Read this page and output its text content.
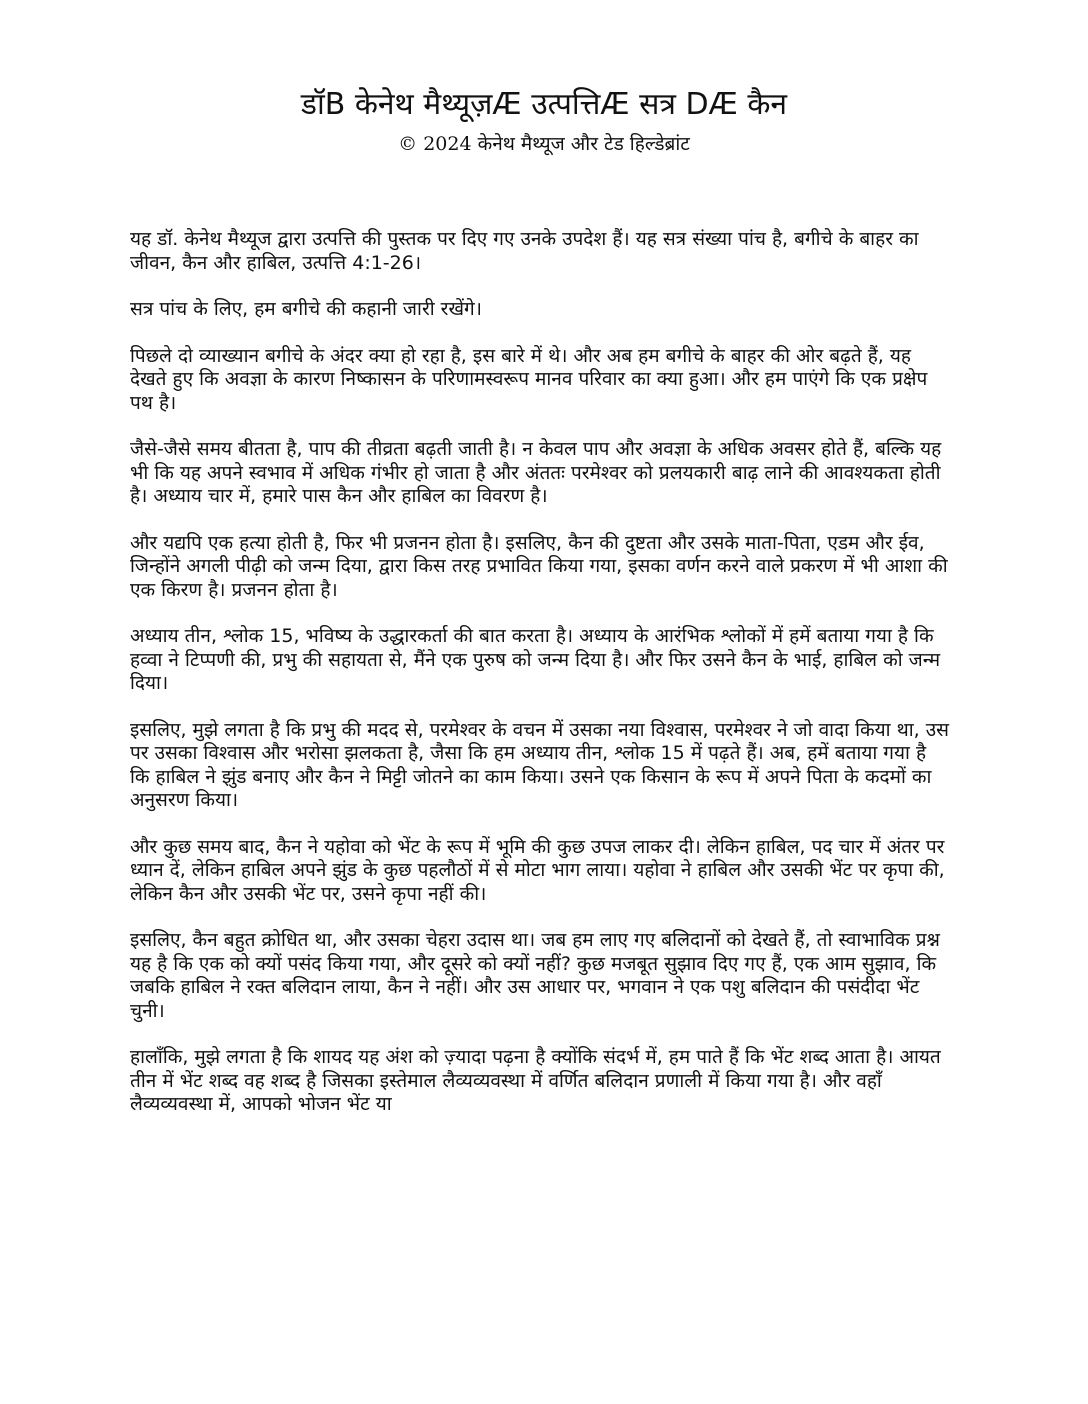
डॉB केनेथ मैथ्यूज़Æ उत्पत्तिÆ सत्र DÆ कैन
© 2024 केनेथ मैथ्यूज और टेड हिल्डेब्रांट

यह डॉ. केनेथ मैथ्यूज द्वारा उत्पत्ति की पुस्तक पर दिए गए उनके उपदेश हैं। यह सत्र संख्या पांच है, बगीचे के बाहर का जीवन, कैन और हाबिल, उत्पत्ति 4:1-26।

सत्र पांच के लिए, हम बगीचे की कहानी जारी रखेंगे।

पिछले दो व्याख्यान बगीचे के अंदर क्या हो रहा है, इस बारे में थे। और अब हम बगीचे के बाहर की ओर बढ़ते हैं, यह देखते हुए कि अवज्ञा के कारण निष्कासन के परिणामस्वरूप मानव परिवार का क्या हुआ। और हम पाएंगे कि एक प्रक्षेप पथ है।

जैसे-जैसे समय बीतता है, पाप की तीव्रता बढ़ती जाती है। न केवल पाप और अवज्ञा के अधिक अवसर होते हैं, बल्कि यह भी कि यह अपने स्वभाव में अधिक गंभीर हो जाता है और अंततः परमेश्वर को प्रलयकारी बाढ़ लाने की आवश्यकता होती है। अध्याय चार में, हमारे पास कैन और हाबिल का विवरण है।

और यद्यपि एक हत्या होती है, फिर भी प्रजनन होता है। इसलिए, कैन की दुष्टता और उसके माता-पिता, एडम और ईव, जिन्होंने अगली पीढ़ी को जन्म दिया, द्वारा किस तरह प्रभावित किया गया, इसका वर्णन करने वाले प्रकरण में भी आशा की एक किरण है। प्रजनन होता है।

अध्याय तीन, श्लोक 15, भविष्य के उद्धारकर्ता की बात करता है। अध्याय के आरंभिक श्लोकों में हमें बताया गया है कि हव्वा ने टिप्पणी की, प्रभु की सहायता से, मैंने एक पुरुष को जन्म दिया है। और फिर उसने कैन के भाई, हाबिल को जन्म दिया।

इसलिए, मुझे लगता है कि प्रभु की मदद से, परमेश्वर के वचन में उसका नया विश्वास, परमेश्वर ने जो वादा किया था, उस पर उसका विश्वास और भरोसा झलकता है, जैसा कि हम अध्याय तीन, श्लोक 15 में पढ़ते हैं। अब, हमें बताया गया है कि हाबिल ने झुंड बनाए और कैन ने मिट्टी जोतने का काम किया। उसने एक किसान के रूप में अपने पिता के कदमों का अनुसरण किया।

और कुछ समय बाद, कैन ने यहोवा को भेंट के रूप में भूमि की कुछ उपज लाकर दी। लेकिन हाबिल, पद चार में अंतर पर ध्यान दें, लेकिन हाबिल अपने झुंड के कुछ पहलौठों में से मोटा भाग लाया। यहोवा ने हाबिल और उसकी भेंट पर कृपा की, लेकिन कैन और उसकी भेंट पर, उसने कृपा नहीं की।

इसलिए, कैन बहुत क्रोधित था, और उसका चेहरा उदास था। जब हम लाए गए बलिदानों को देखते हैं, तो स्वाभाविक प्रश्न यह है कि एक को क्यों पसंद किया गया, और दूसरे को क्यों नहीं? कुछ मजबूत सुझाव दिए गए हैं, एक आम सुझाव, कि जबकि हाबिल ने रक्त बलिदान लाया, कैन ने नहीं। और उस आधार पर, भगवान ने एक पशु बलिदान की पसंदीदा भेंट चुनी।

हालाँकि, मुझे लगता है कि शायद यह अंश को ज़्यादा पढ़ना है क्योंकि संदर्भ में, हम पाते हैं कि भेंट शब्द आता है। आयत तीन में भेंट शब्द वह शब्द है जिसका इस्तेमाल लैव्यव्यवस्था में वर्णित बलिदान प्रणाली में किया गया है। और वहाँ लैव्यव्यवस्था में, आपको भोजन भेंट या
